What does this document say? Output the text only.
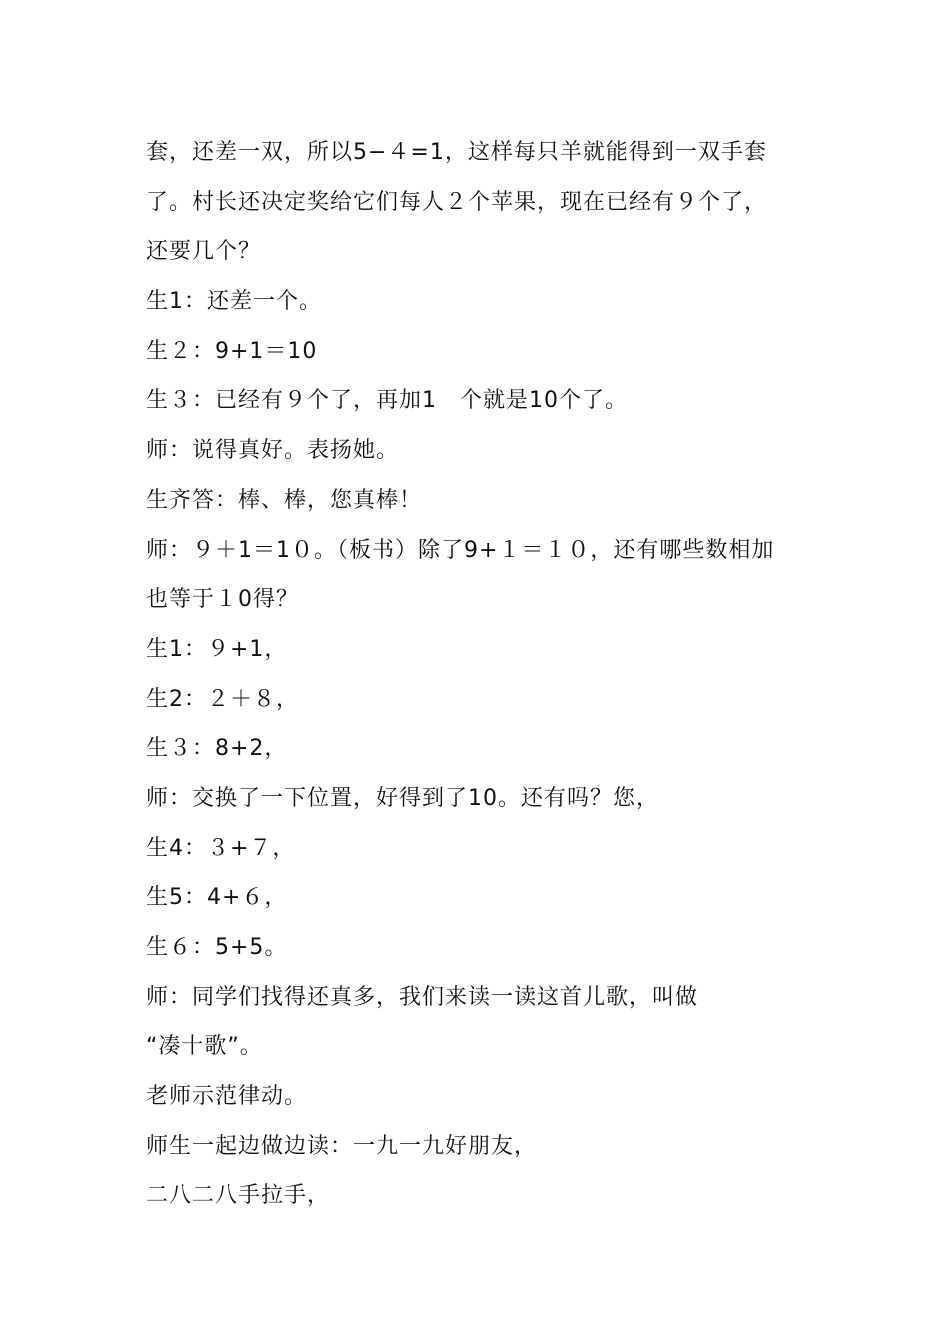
套，还差一双，所以5−４=1，这样每只羊就能得到一双手套
了。村长还决定奖给它们每人２个苹果，现在已经有９个了，
还要几个？
生1：还差一个。
生２：9+1＝10
生３：已经有９个了，再加1　个就是10个了。
师：说得真好。表扬她。
生齐答：棒、棒，您真棒！
师：９＋1＝1０。（板书）除了9+１＝１０，还有哪些数相加
也等于１0得？
生1：９+1，
生2：２＋８，
生３：8+2，
师：交换了一下位置，好得到了10。还有吗？您，
生4：３+７，
生5：4+６，
生６：5+5。
师：同学们找得还真多，我们来读一读这首儿歌，叫做
“凑十歌”。
老师示范律动。
师生一起边做边读：一九一九好朋友，
二八二八手拉手，
